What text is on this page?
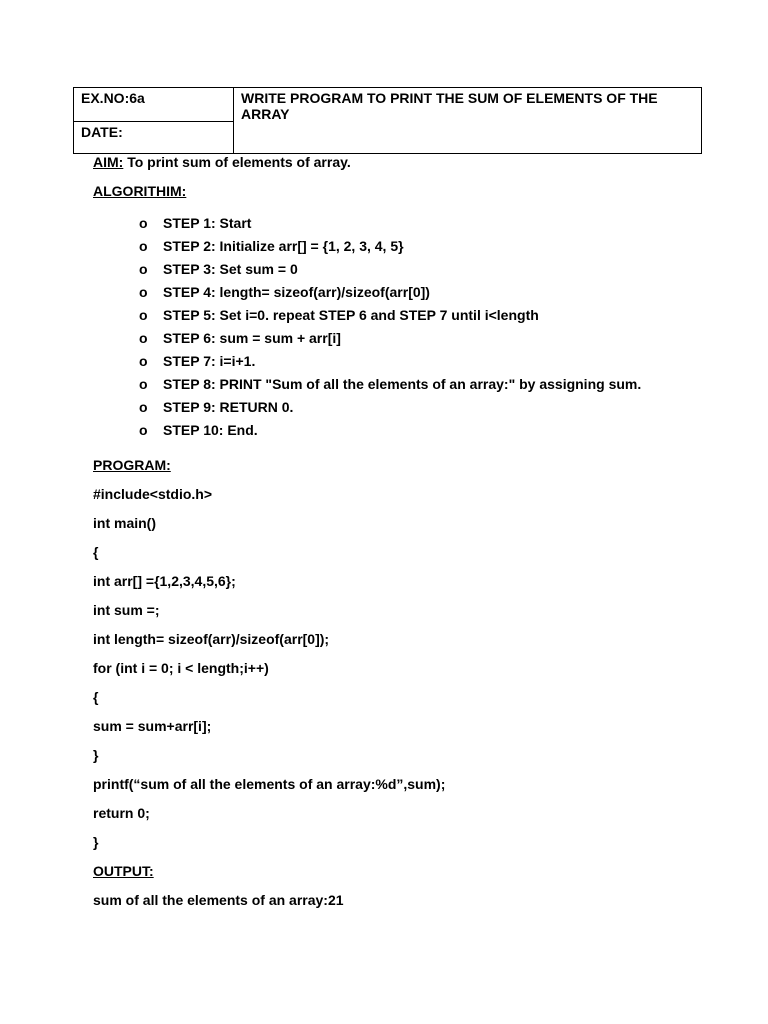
EX.NO:6a
DATE:
WRITE PROGRAM TO PRINT THE SUM OF ELEMENTS OF THE ARRAY
AIM: To print sum of elements of array.
ALGORITHIM:
o STEP 1: Start
o STEP 2: Initialize arr[] = {1, 2, 3, 4, 5}
o STEP 3: Set sum = 0
o STEP 4: length= sizeof(arr)/sizeof(arr[0])
o STEP 5: Set i=0. repeat STEP 6 and STEP 7 until i<length
o STEP 6: sum = sum + arr[i]
o STEP 7: i=i+1.
o STEP 8: PRINT "Sum of all the elements of an array:" by assigning sum.
o STEP 9: RETURN 0.
o STEP 10: End.
PROGRAM:
#include<stdio.h>
int main()
{
int arr[] ={1,2,3,4,5,6};
int sum =;
int length= sizeof(arr)/sizeof(arr[0]);
for (int i = 0; i < length;i++)
{
sum = sum+arr[i];
}
printf(“sum of all the elements of an array:%d”,sum);
return 0;
}
OUTPUT:
sum of all the elements of an array:21
